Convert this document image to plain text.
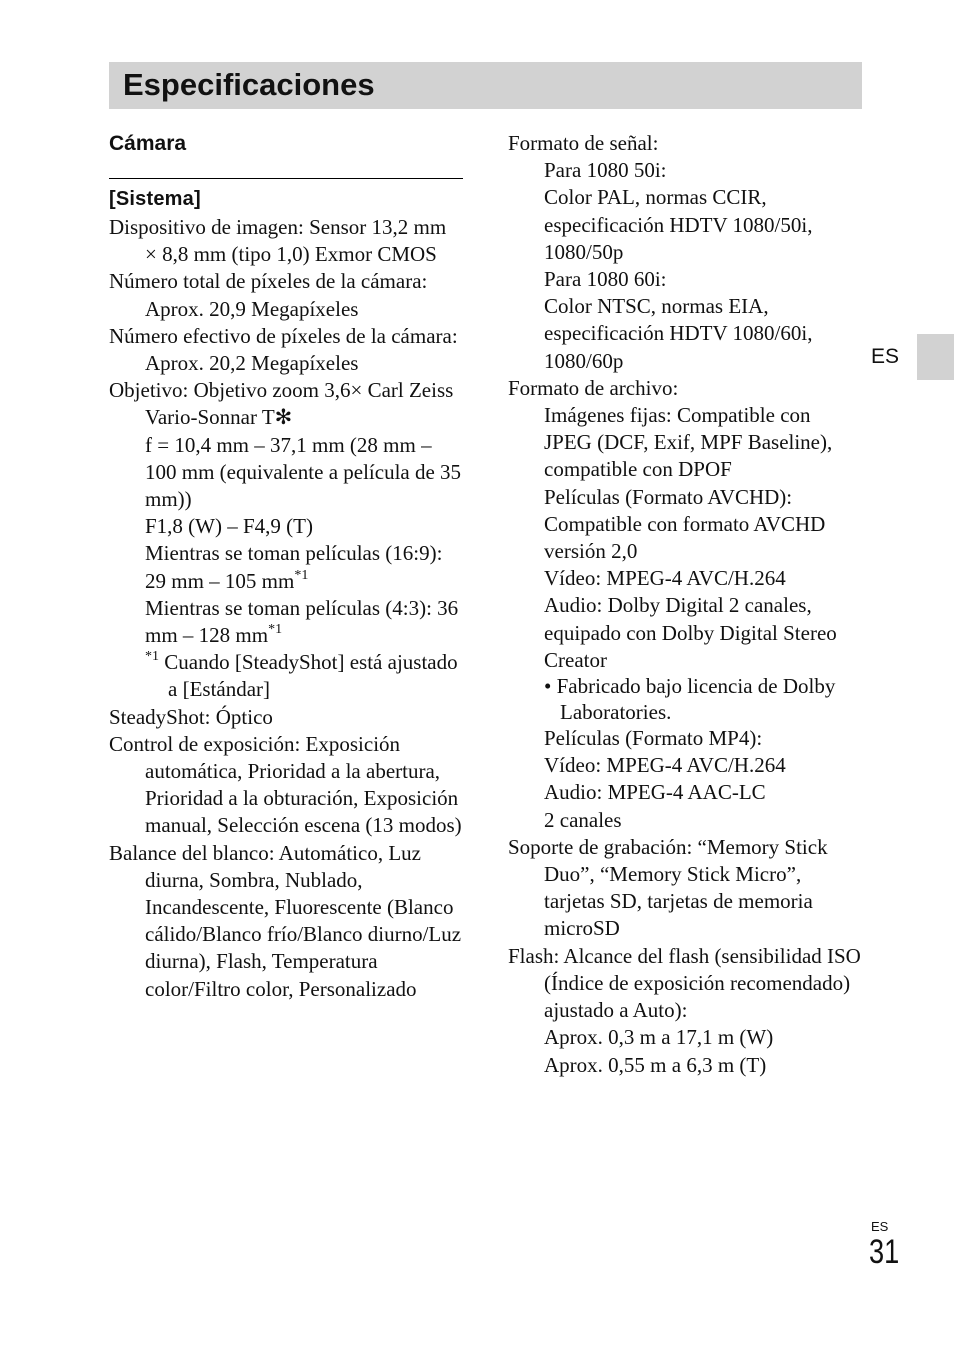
Especificaciones
Cámara
[Sistema]
Dispositivo de imagen: Sensor 13,2 mm × 8,8 mm (tipo 1,0) Exmor CMOS
Número total de píxeles de la cámara:
Aprox. 20,9 Megapíxeles
Número efectivo de píxeles de la cámara:
Aprox. 20,2 Megapíxeles
Objetivo: Objetivo zoom 3,6× Carl Zeiss Vario-Sonnar T✻
f = 10,4 mm – 37,1 mm (28 mm – 100 mm (equivalente a película de 35 mm))
F1,8 (W) – F4,9 (T)
Mientras se toman películas (16:9): 29 mm – 105 $mm^{*1}$
Mientras se toman películas (4:3): 36 mm – 128 $mm^{*1}$
$^{*1}$ Cuando [SteadyShot] está ajustado a [Estándar]
SteadyShot: Óptico
Control de exposición: Exposición automática, Prioridad a la abertura, Prioridad a la obturación, Exposición manual, Selección escena (13 modos)
Balance del blanco: Automático, Luz diurna, Sombra, Nublado, Incandescente, Fluorescente (Blanco cálido/Blanco frío/Blanco diurno/Luz diurna), Flash, Temperatura color/Filtro color, Personalizado
Formato de señal:
Para 1080 50i:
Color PAL, normas CCIR, especificación HDTV 1080/50i, 1080/50p
Para 1080 60i:
Color NTSC, normas EIA, especificación HDTV 1080/60i, 1080/60p
Formato de archivo:
Imágenes fijas: Compatible con JPEG (DCF, Exif, MPF Baseline), compatible con DPOF
Películas (Formato AVCHD): Compatible con formato AVCHD versión 2,0
Vídeo: MPEG-4 AVC/H.264
Audio: Dolby Digital 2 canales, equipado con Dolby Digital Stereo Creator
• Fabricado bajo licencia de Dolby Laboratories.
Películas (Formato MP4):
Vídeo: MPEG-4 AVC/H.264
Audio: MPEG-4 AAC-LC
2 canales
Soporte de grabación: “Memory Stick Duo”, “Memory Stick Micro”, tarjetas SD, tarjetas de memoria microSD
Flash: Alcance del flash (sensibilidad ISO (Índice de exposición recomendado) ajustado a Auto):
Aprox. 0,3 m a 17,1 m (W)
Aprox. 0,55 m a 6,3 m (T)
ES
ES
31
